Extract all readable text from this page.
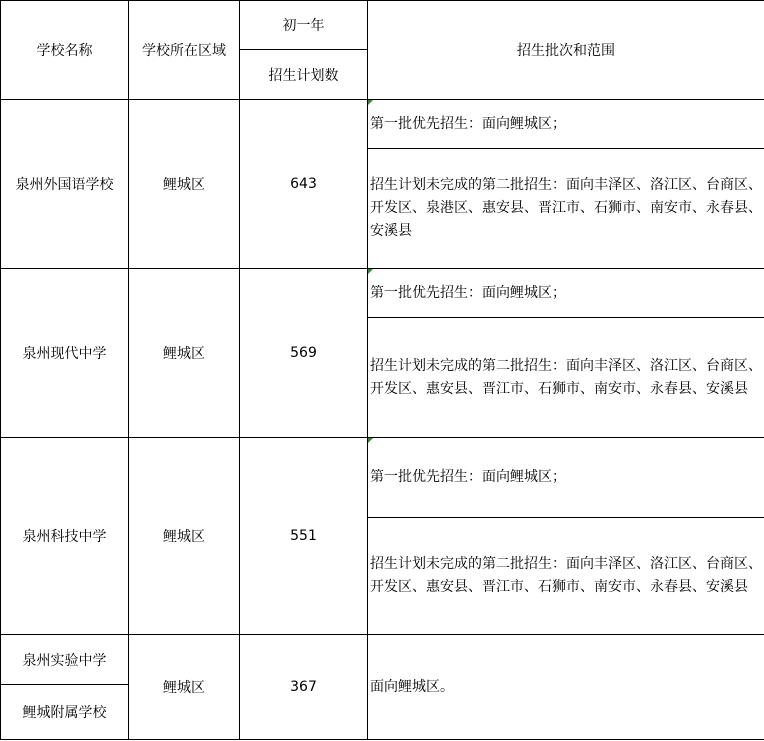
学校名称	学校所在区域	初一年	招生批次和范围
		招生计划数	
泉州外国语学校	鲤城区	643	第一批优先招生：面向鲤城区；
			招生计划未完成的第二批招生：面向丰泽区、洛江区、台商区、开发区、泉港区、惠安县、晋江市、石狮市、南安市、永春县、安溪县
泉州现代中学	鲤城区	569	第一批优先招生：面向鲤城区；
			招生计划未完成的第二批招生：面向丰泽区、洛江区、台商区、开发区、惠安县、晋江市、石狮市、南安市、永春县、安溪县
泉州科技中学	鲤城区	551	第一批优先招生：面向鲤城区；
			招生计划未完成的第二批招生：面向丰泽区、洛江区、台商区、开发区、惠安县、晋江市、石狮市、南安市、永春县、安溪县
泉州实验中学	鲤城区	367	面向鲤城区。
鲤城附属学校			
